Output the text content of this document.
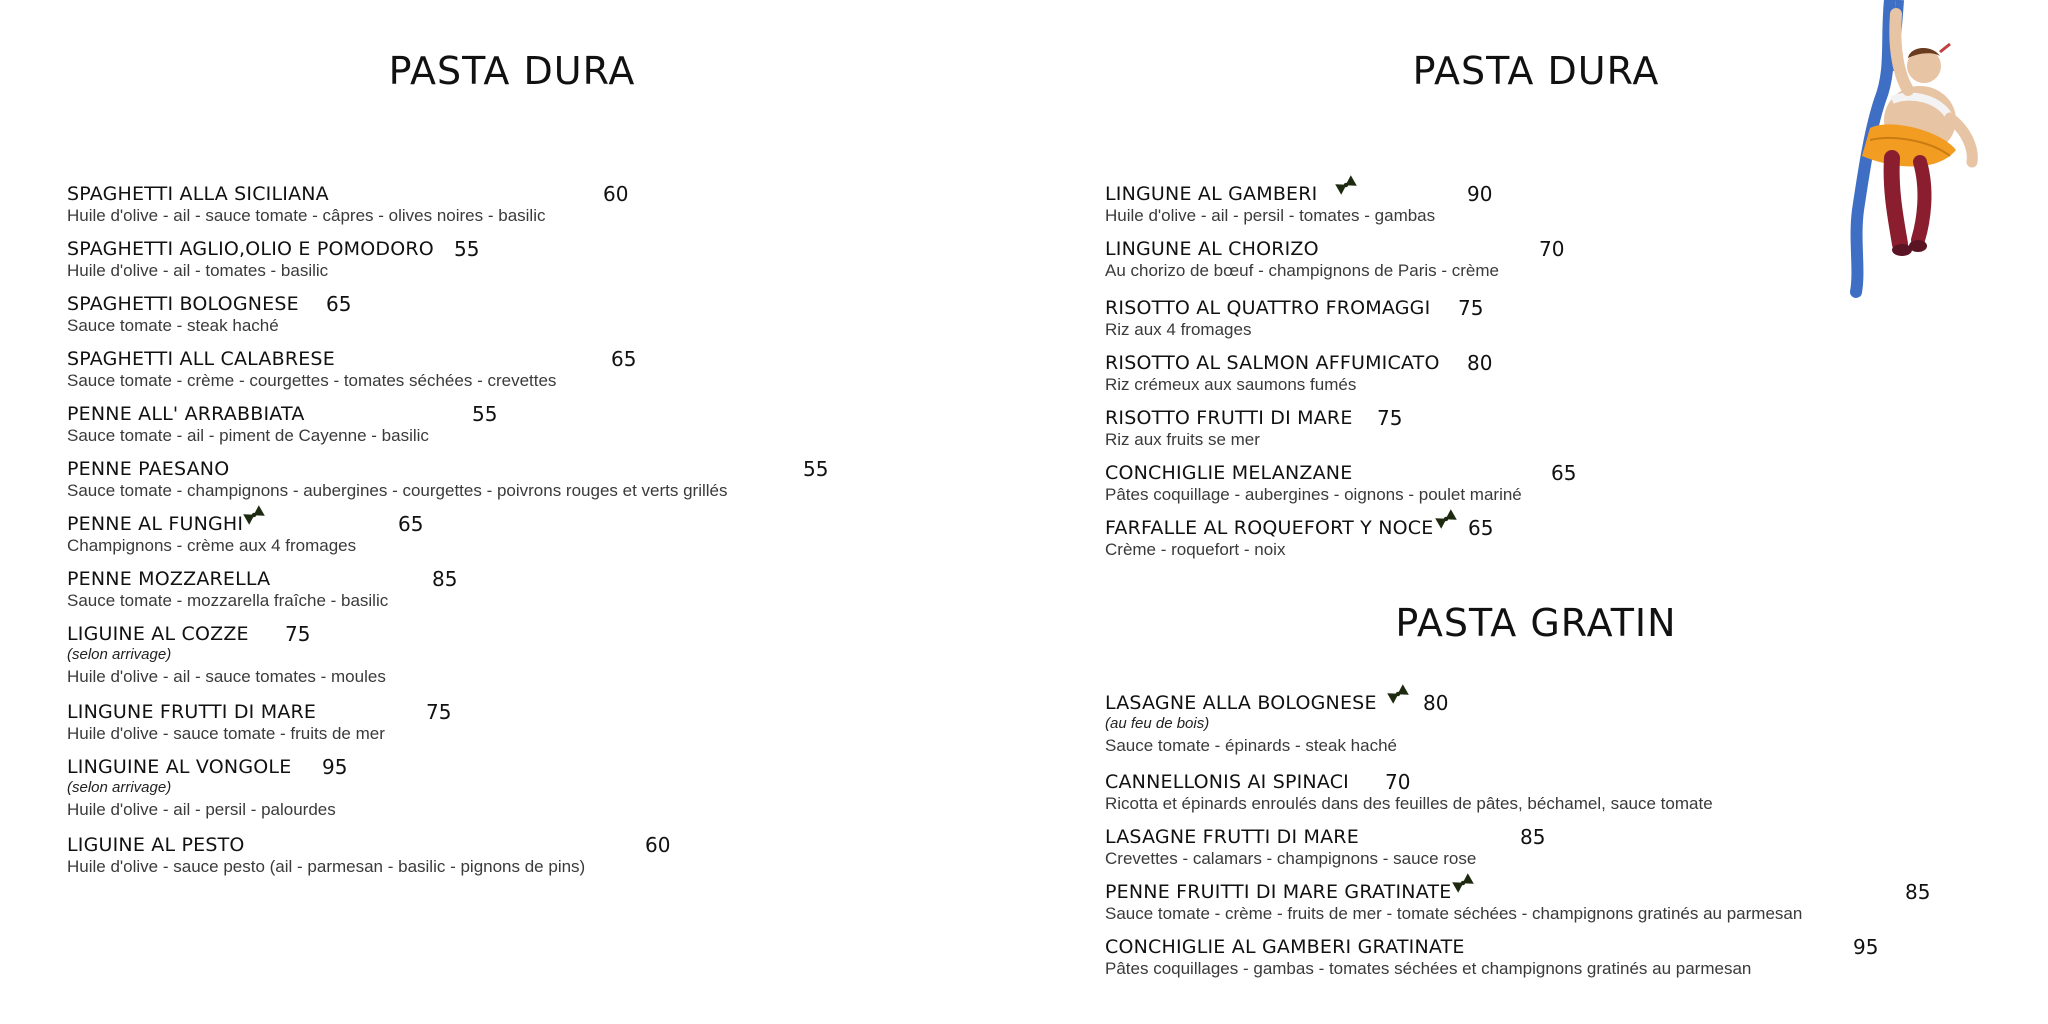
PASTA DURA
SPAGHETTI ALLA SICILIANA	60
Huile d'olive - ail - sauce tomate - câpres - olives noires - basilic
SPAGHETTI AGLIO,OLIO E POMODORO 55
Huile d'olive - ail - tomates - basilic
SPAGHETTI BOLOGNESE 65
Sauce tomate - steak haché
SPAGHETTI ALL CALABRESE	65
Sauce tomate - crème - courgettes - tomates séchées - crevettes
PENNE ALL' ARRABBIATA	55
Sauce tomate - ail - piment de Cayenne - basilic
PENNE PAESANO	55
Sauce tomate - champignons - aubergines - courgettes - poivrons rouges et verts grillés
PENNE AL FUNGHI	65
Champignons - crème aux 4 fromages
PENNE MOZZARELLA	85
Sauce tomate - mozzarella fraîche - basilic
LIGUINE AL COZZE 75
(selon arrivage)
Huile d'olive - ail - sauce tomates - moules
LINGUNE FRUTTI DI MARE	75
Huile d'olive - sauce tomate - fruits de mer
LINGUINE AL VONGOLE 95
(selon arrivage)
Huile d'olive - ail - persil - palourdes
LIGUINE AL PESTO	60
Huile d'olive - sauce pesto (ail - parmesan - basilic - pignons de pins)
PASTA DURA
LINGUNE AL GAMBERI	90
Huile d'olive - ail - persil - tomates - gambas
LINGUNE AL CHORIZO	70
Au chorizo de bœuf - champignons de Paris - crème
RISOTTO AL QUATTRO FROMAGGI 75
Riz aux 4 fromages
RISOTTO AL SALMON AFFUMICATO 80
Riz crémeux aux saumons fumés
RISOTTO FRUTTI DI MARE 75
Riz aux fruits se mer
CONCHIGLIE MELANZANE	65
Pâtes coquillage - aubergines - oignons - poulet mariné
FARFALLE AL ROQUEFORT Y NOCE 65
Crème - roquefort - noix
PASTA GRATIN
LASAGNE ALLA BOLOGNESE 80
(au feu de bois)
Sauce tomate - épinards - steak haché
CANNELLONIS AI SPINACI 70
Ricotta et épinards enroulés dans des feuilles de pâtes, béchamel, sauce tomate
LASAGNE FRUTTI DI MARE	85
Crevettes - calamars - champignons - sauce rose
PENNE FRUITTI DI MARE GRATINATE	85
Sauce tomate - crème - fruits de mer - tomate séchées - champignons gratinés au parmesan
CONCHIGLIE AL GAMBERI GRATINATE	95
Pâtes coquillages - gambas - tomates séchées et champignons gratinés au parmesan
